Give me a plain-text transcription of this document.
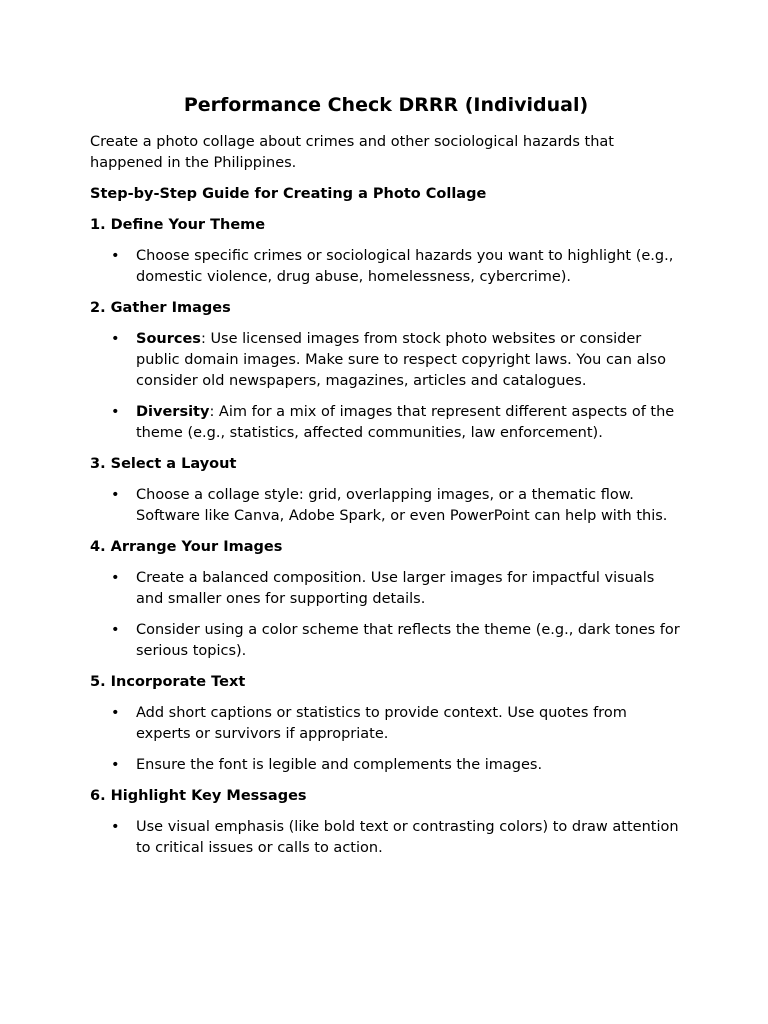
Performance Check DRRR (Individual)

Create a photo collage about crimes and other sociological hazards that happened in the Philippines.

Step-by-Step Guide for Creating a Photo Collage

1. Define Your Theme
• Choose specific crimes or sociological hazards you want to highlight (e.g., domestic violence, drug abuse, homelessness, cybercrime).
2. Gather Images
• Sources: Use licensed images from stock photo websites or consider public domain images. Make sure to respect copyright laws. You can also consider old newspapers, magazines, articles and catalogues.
• Diversity: Aim for a mix of images that represent different aspects of the theme (e.g., statistics, affected communities, law enforcement).
3. Select a Layout
• Choose a collage style: grid, overlapping images, or a thematic flow. Software like Canva, Adobe Spark, or even PowerPoint can help with this.
4. Arrange Your Images
• Create a balanced composition. Use larger images for impactful visuals and smaller ones for supporting details.
• Consider using a color scheme that reflects the theme (e.g., dark tones for serious topics).
5. Incorporate Text
• Add short captions or statistics to provide context. Use quotes from experts or survivors if appropriate.
• Ensure the font is legible and complements the images.
6. Highlight Key Messages
• Use visual emphasis (like bold text or contrasting colors) to draw attention to critical issues or calls to action.
